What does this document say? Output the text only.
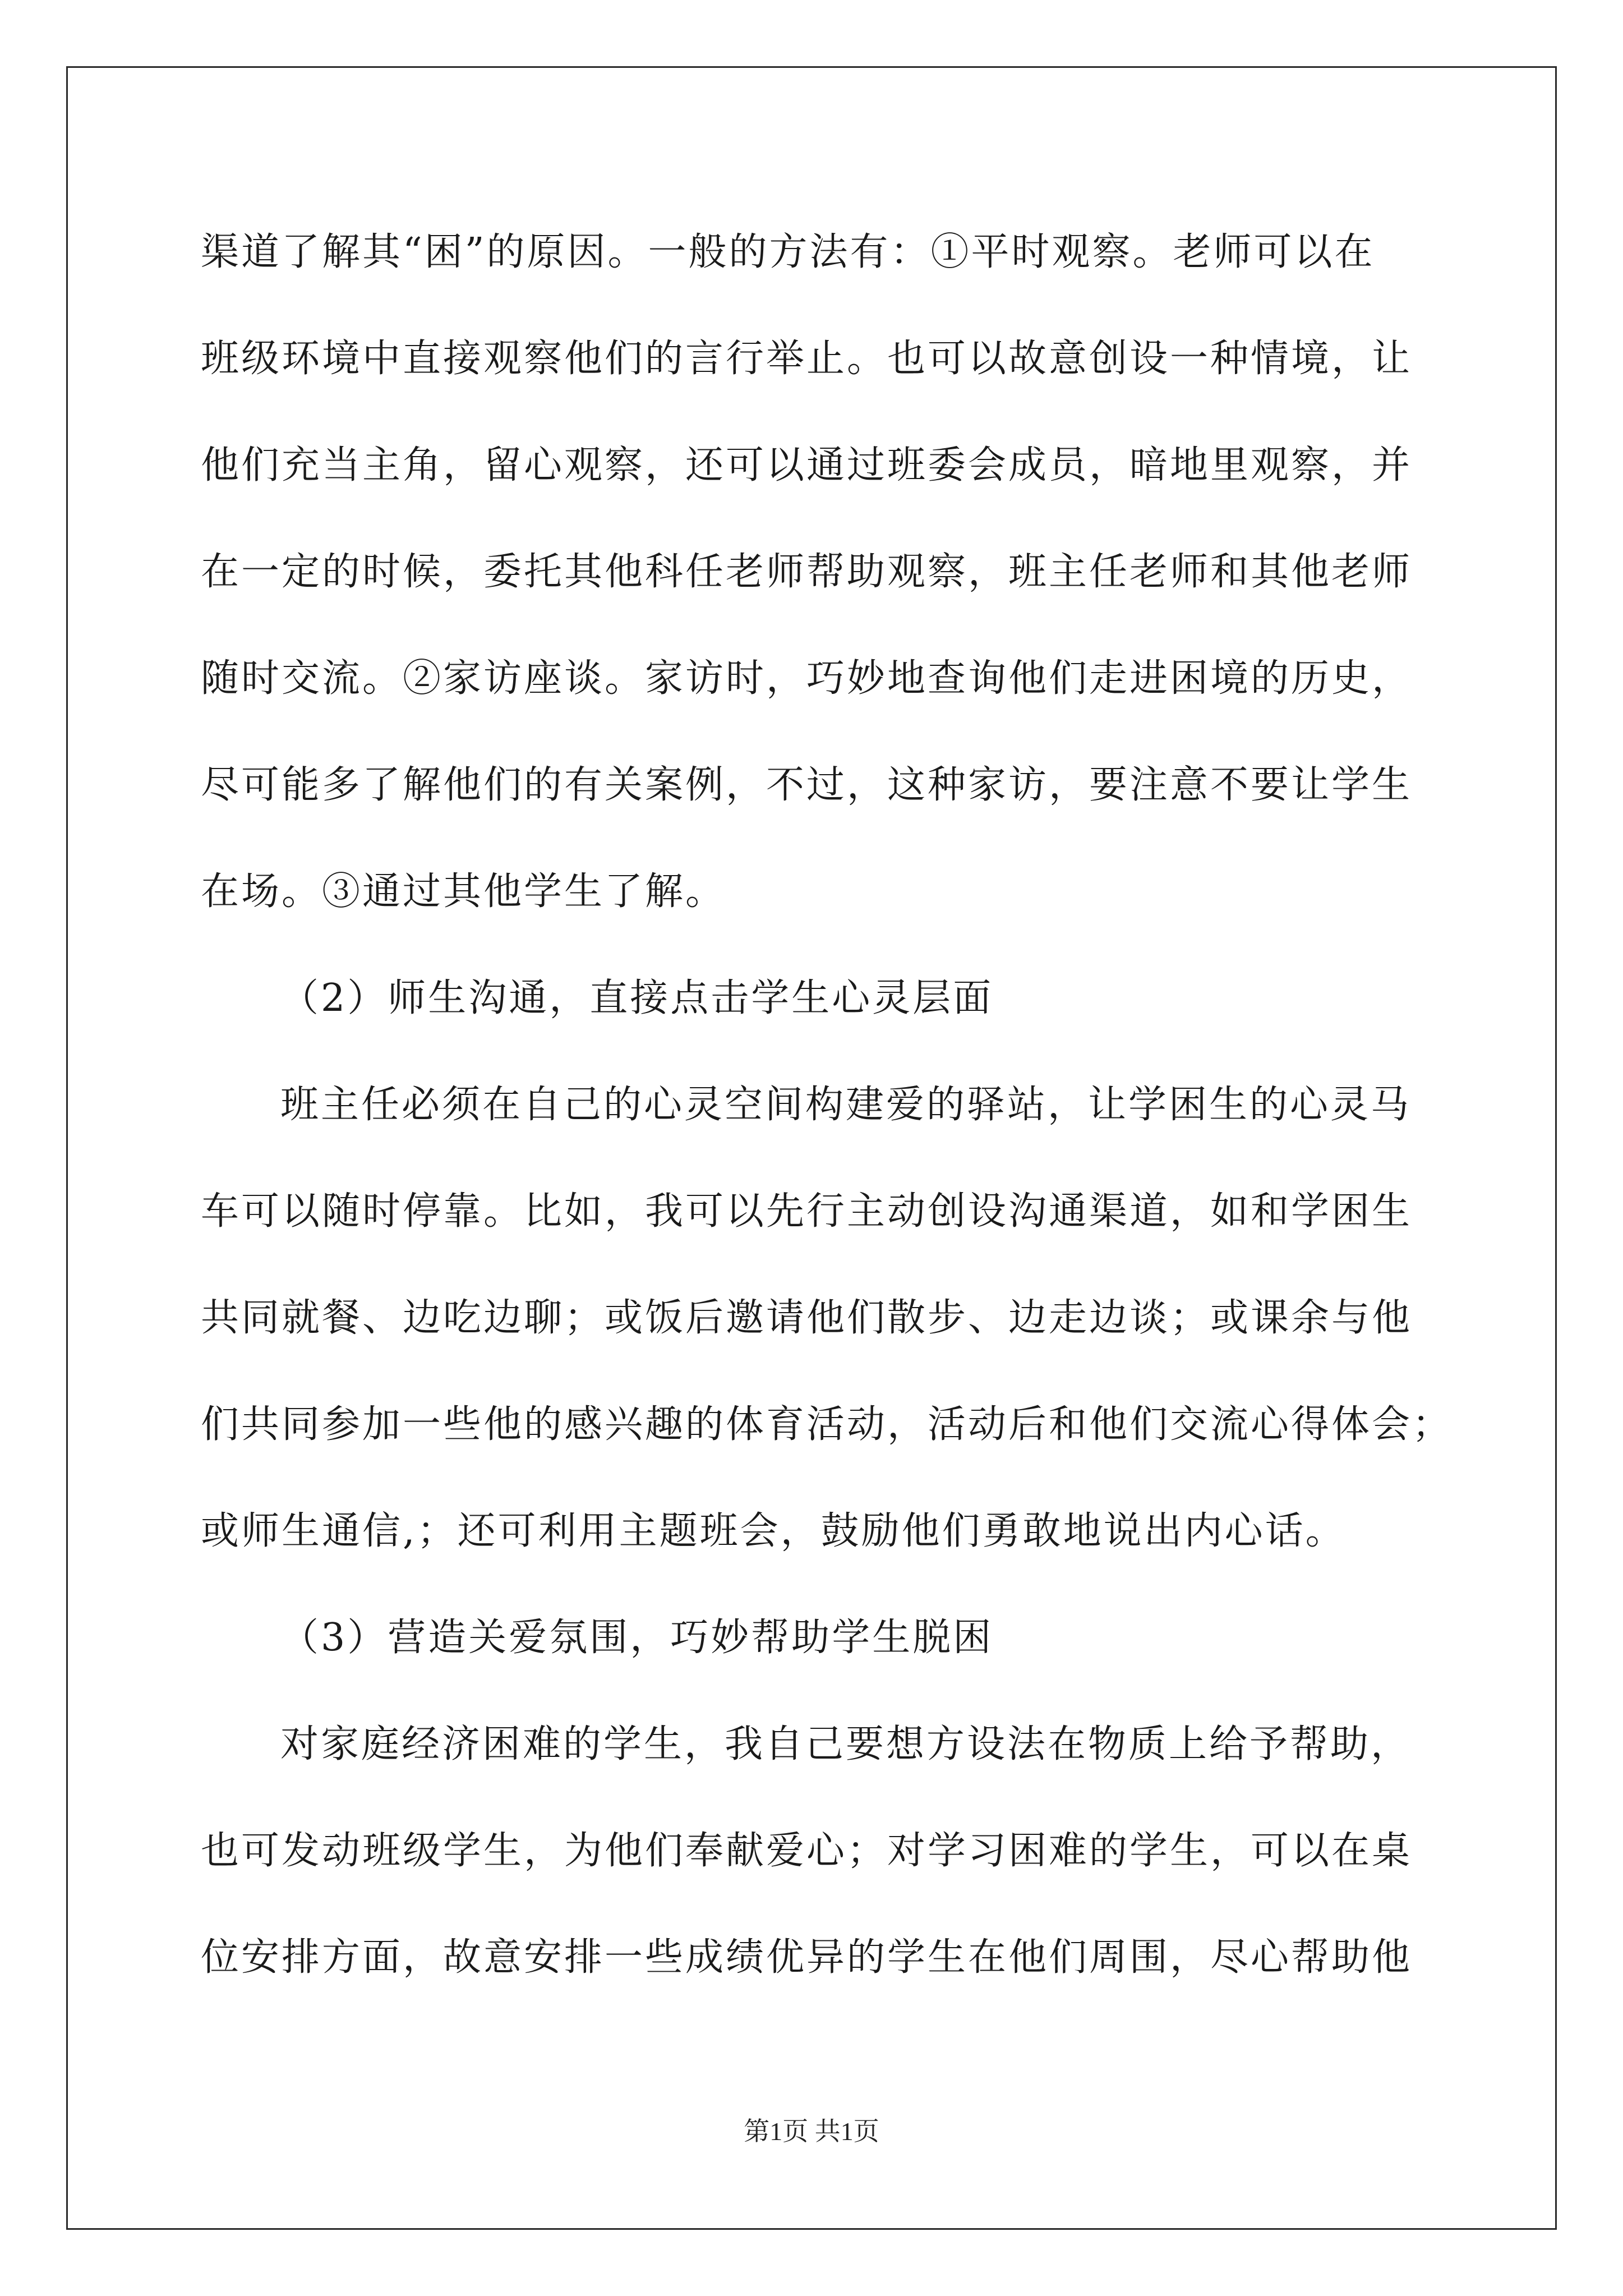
渠道了解其“困”的原因。一般的方法有：①平时观察。老师可以在
班级环境中直接观察他们的言行举止。也可以故意创设一种情境，让
他们充当主角，留心观察，还可以通过班委会成员，暗地里观察，并
在一定的时候，委托其他科任老师帮助观察，班主任老师和其他老师
随时交流。②家访座谈。家访时，巧妙地查询他们走进困境的历史，
尽可能多了解他们的有关案例，不过，这种家访，要注意不要让学生
在场。③通过其他学生了解。
（2）师生沟通，直接点击学生心灵层面
班主任必须在自己的心灵空间构建爱的驿站，让学困生的心灵马
车可以随时停靠。比如，我可以先行主动创设沟通渠道，如和学困生
共同就餐、边吃边聊；或饭后邀请他们散步、边走边谈；或课余与他
们共同参加一些他的感兴趣的体育活动，活动后和他们交流心得体会；
或师生通信,；还可利用主题班会，鼓励他们勇敢地说出内心话。
（3）营造关爱氛围，巧妙帮助学生脱困
对家庭经济困难的学生，我自己要想方设法在物质上给予帮助，
也可发动班级学生，为他们奉献爱心；对学习困难的学生，可以在桌
位安排方面，故意安排一些成绩优异的学生在他们周围，尽心帮助他
第1页 共1页
